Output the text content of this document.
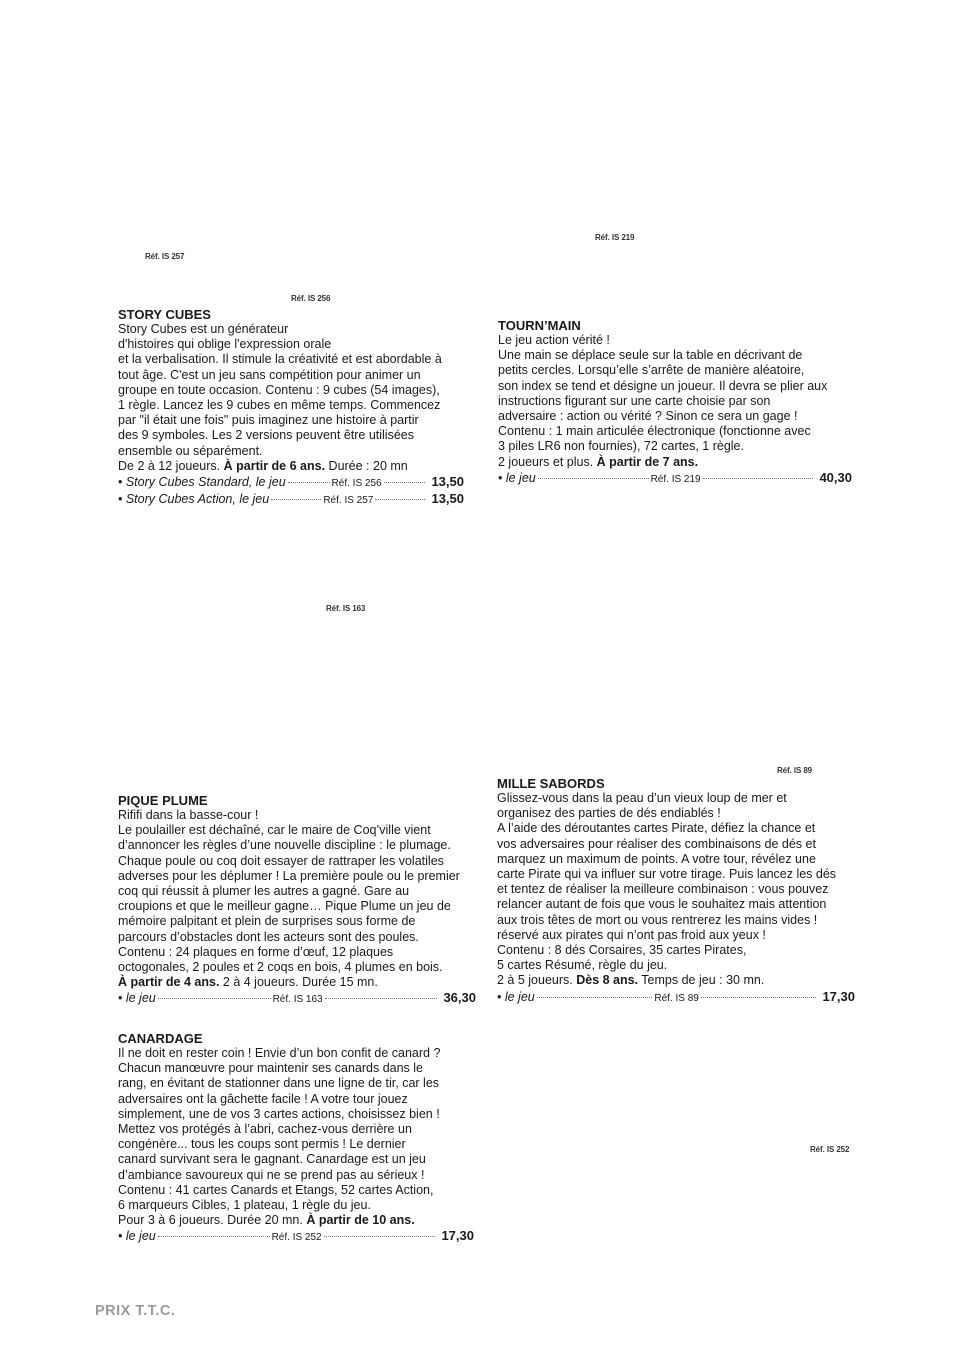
Réf. IS 257
Réf. IS 256
Réf. IS 219
Réf. IS 163
Réf. IS 89
Réf. IS 252
STORY CUBES
Story Cubes est un générateur
d'histoires qui oblige l'expression orale
et la verbalisation. Il stimule la créativité et est abordable à
tout âge. C'est un jeu sans compétition pour animer un
groupe en toute occasion. Contenu : 9 cubes (54 images),
1 règle. Lancez les 9 cubes en même temps. Commencez
par "il était une fois" puis imaginez une histoire à partir
des 9 symboles. Les 2 versions peuvent être utilisées
ensemble ou séparément.
De 2 à 12 joueurs. À partir de 6 ans. Durée : 20 mn
• Story Cubes Standard, le jeu	Réf. IS 256	13,50
• Story Cubes Action, le jeu	Réf. IS 257	13,50
TOURN’MAIN
Le jeu action vérité !
Une main se déplace seule sur la table en décrivant de
petits cercles. Lorsqu’elle s’arrête de manière aléatoire,
son index se tend et désigne un joueur. Il devra se plier aux
instructions figurant sur une carte choisie par son
adversaire : action ou vérité ? Sinon ce sera un gage !
Contenu : 1 main articulée électronique (fonctionne avec
3 piles LR6 non fournies), 72 cartes, 1 règle.
2 joueurs et plus. À partir de 7 ans.
• le jeu	Réf. IS 219	40,30
PIQUE PLUME
Rififi dans la basse-cour !
Le poulailler est déchaîné, car le maire de Coq’ville vient
d’annoncer les règles d’une nouvelle discipline : le plumage.
Chaque poule ou coq doit essayer de rattraper les volatiles
adverses pour les déplumer ! La première poule ou le premier
coq qui réussit à plumer les autres a gagné. Gare au
croupions et que le meilleur gagne… Pique Plume un jeu de
mémoire palpitant et plein de surprises sous forme de
parcours d’obstacles dont les acteurs sont des poules.
Contenu : 24 plaques en forme d’œuf, 12 plaques
octogonales, 2 poules et 2 coqs en bois, 4 plumes en bois.
À partir de 4 ans. 2 à 4 joueurs. Durée 15 mn.
• le jeu	Réf. IS 163	36,30
MILLE SABORDS
Glissez-vous dans la peau d’un vieux loup de mer et
organisez des parties de dés endiablés !
A l’aide des déroutantes cartes Pirate, défiez la chance et
vos adversaires pour réaliser des combinaisons de dés et
marquez un maximum de points. A votre tour, révélez une
carte Pirate qui va influer sur votre tirage. Puis lancez les dés
et tentez de réaliser la meilleure combinaison : vous pouvez
relancer autant de fois que vous le souhaitez mais attention
aux trois têtes de mort ou vous rentrerez les mains vides !
réservé aux pirates qui n’ont pas froid aux yeux !
Contenu : 8 dés Corsaires, 35 cartes Pirates,
5 cartes Résumé, règle du jeu.
2 à 5 joueurs. Dès 8 ans. Temps de jeu : 30 mn.
• le jeu	Réf. IS 89	17,30
CANARDAGE
Il ne doit en rester coin ! Envie d’un bon confit de canard ?
Chacun manœuvre pour maintenir ses canards dans le
rang, en évitant de stationner dans une ligne de tir, car les
adversaires ont la gâchette facile ! A votre tour jouez
simplement, une de vos 3 cartes actions, choisissez bien !
Mettez vos protégés à l’abri, cachez-vous derrière un
congénère... tous les coups sont permis ! Le dernier
canard survivant sera le gagnant. Canardage est un jeu
d’ambiance savoureux qui ne se prend pas au sérieux !
Contenu : 41 cartes Canards et Etangs, 52 cartes Action,
6 marqueurs Cibles, 1 plateau, 1 règle du jeu.
Pour 3 à 6 joueurs. Durée 20 mn. À partir de 10 ans.
• le jeu	Réf. IS 252	17,30
PRIX T.T.C.
